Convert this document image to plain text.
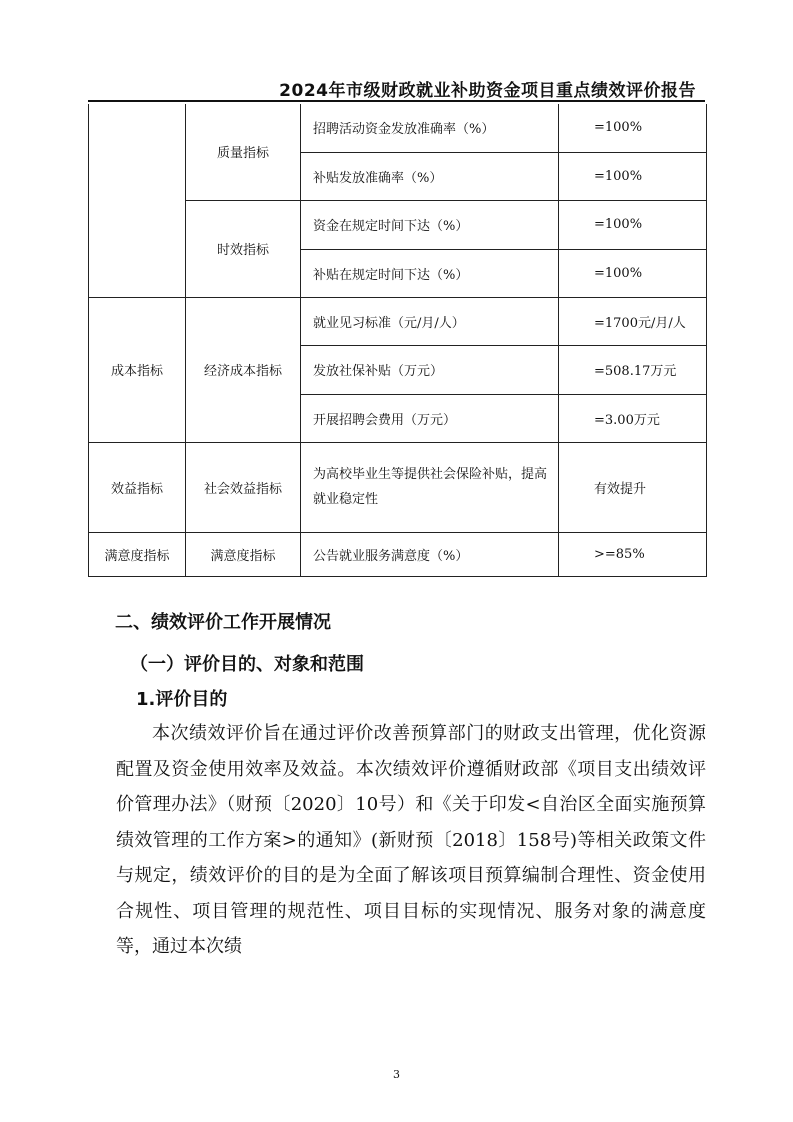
2024年市级财政就业补助资金项目重点绩效评价报告
	质量指标	招聘活动资金发放准确率（%）	=100%
		补贴发放准确率（%）	=100%
	时效指标	资金在规定时间下达（%）	=100%
		补贴在规定时间下达（%）	=100%
成本指标	经济成本指标	就业见习标准（元/月/人）	=1700元/月/人
		发放社保补贴（万元）	=508.17万元
		开展招聘会费用（万元）	=3.00万元
效益指标	社会效益指标	为高校毕业生等提供社会保险补贴，提高就业稳定性	有效提升
满意度指标	满意度指标	公告就业服务满意度（%）	>=85%
二、绩效评价工作开展情况
（一）评价目的、对象和范围
1.评价目的
本次绩效评价旨在通过评价改善预算部门的财政支出管理，优化资源配置及资金使用效率及效益。本次绩效评价遵循财政部《项目支出绩效评价管理办法》（财预〔2020〕10号）和《关于印发<自治区全面实施预算绩效管理的工作方案>的通知》(新财预〔2018〕158号)等相关政策文件与规定，绩效评价的目的是为全面了解该项目预算编制合理性、资金使用合规性、项目管理的规范性、项目目标的实现情况、服务对象的满意度等，通过本次绩
3
